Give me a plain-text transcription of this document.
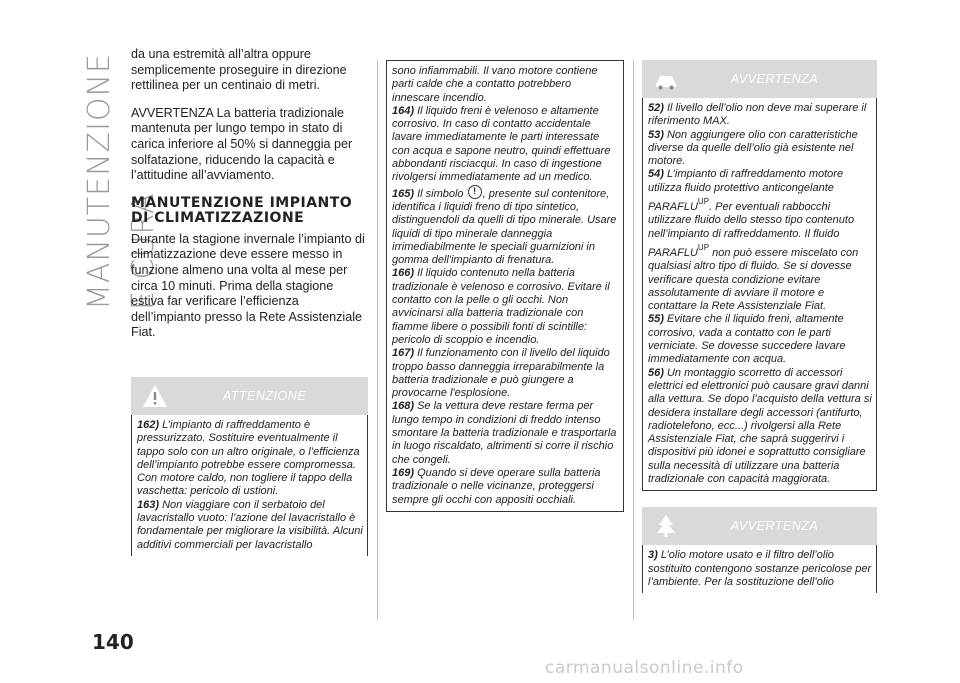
MANUTENZIONE E CURA
140

da una estremità all’altra oppure semplicemente proseguire in direzione rettilinea per un centinaio di metri.

AVVERTENZA La batteria tradizionale mantenuta per lungo tempo in stato di carica inferiore al 50% si danneggia per solfatazione, riducendo la capacità e l’attitudine all’avviamento.

MANUTENZIONE IMPIANTO DI CLIMATIZZAZIONE

Durante la stagione invernale l’impianto di climatizzazione deve essere messo in funzione almeno una volta al mese per circa 10 minuti. Prima della stagione estiva far verificare l’efficienza dell’impianto presso la Rete Assistenziale Fiat.

ATTENZIONE
162) L’impianto di raffreddamento è pressurizzato. Sostituire eventualmente il tappo solo con un altro originale, o l’efficienza dell’impianto potrebbe essere compromessa. Con motore caldo, non togliere il tappo della vaschetta: pericolo di ustioni.
163) Non viaggiare con il serbatoio del lavacristallo vuoto: l’azione del lavacristallo è fondamentale per migliorare la visibilità. Alcuni additivi commerciali per lavacristallo
sono infiammabili. Il vano motore contiene parti calde che a contatto potrebbero innescare incendio.
164) Il liquido freni è velenoso e altamente corrosivo. In caso di contatto accidentale lavare immediatamente le parti interessate con acqua e sapone neutro, quindi effettuare abbondanti risciacqui. In caso di ingestione rivolgersi immediatamente ad un medico.
165) Il simbolo ! , presente sul contenitore, identifica i liquidi freno di tipo sintetico, distinguendoli da quelli di tipo minerale. Usare liquidi di tipo minerale danneggia irrimediabilmente le speciali guarnizioni in gomma dell'impianto di frenatura.
166) Il liquido contenuto nella batteria tradizionale è velenoso e corrosivo. Evitare il contatto con la pelle o gli occhi. Non avvicinarsi alla batteria tradizionale con fiamme libere o possibili fonti di scintille: pericolo di scoppio e incendio.
167) Il funzionamento con il livello del liquido troppo basso danneggia irreparabilmente la batteria tradizionale e può giungere a provocarne l'esplosione.
168) Se la vettura deve restare ferma per lungo tempo in condizioni di freddo intenso smontare la batteria tradizionale e trasportarla in luogo riscaldato, altrimenti si corre il rischio che congeli.
169) Quando si deve operare sulla batteria tradizionale o nelle vicinanze, proteggersi sempre gli occhi con appositi occhiali.
AVVERTENZA
52) Il livello dell’olio non deve mai superare il riferimento MAX.
53) Non aggiungere olio con caratteristiche diverse da quelle dell’olio già esistente nel motore.
54) L’impianto di raffreddamento motore utilizza fluido protettivo anticongelante $PARAFLU^{UP}$. Per eventuali rabbocchi utilizzare fluido dello stesso tipo contenuto nell’impianto di raffreddamento. Il fluido $PARAFLU^{UP}$ non può essere miscelato con qualsiasi altro tipo di fluido. Se si dovesse verificare questa condizione evitare assolutamente di avviare il motore e contattare la Rete Assistenziale Fiat.
55) Evitare che il liquido freni, altamente corrosivo, vada a contatto con le parti verniciate. Se dovesse succedere lavare immediatamente con acqua.
56) Un montaggio scorretto di accessori elettrici ed elettronici può causare gravi danni alla vettura. Se dopo l’acquisto della vettura si desidera installare degli accessori (antifurto, radiotelefono, ecc...) rivolgersi alla Rete Assistenziale Fiat, che saprà suggerirvi i dispositivi più idonei e soprattutto consigliare sulla necessità di utilizzare una batteria tradizionale con capacità maggiorata.
AVVERTENZA
3) L’olio motore usato e il filtro dell’olio sostituito contengono sostanze pericolose per l’ambiente. Per la sostituzione dell’olio
carmanualsonline.info
